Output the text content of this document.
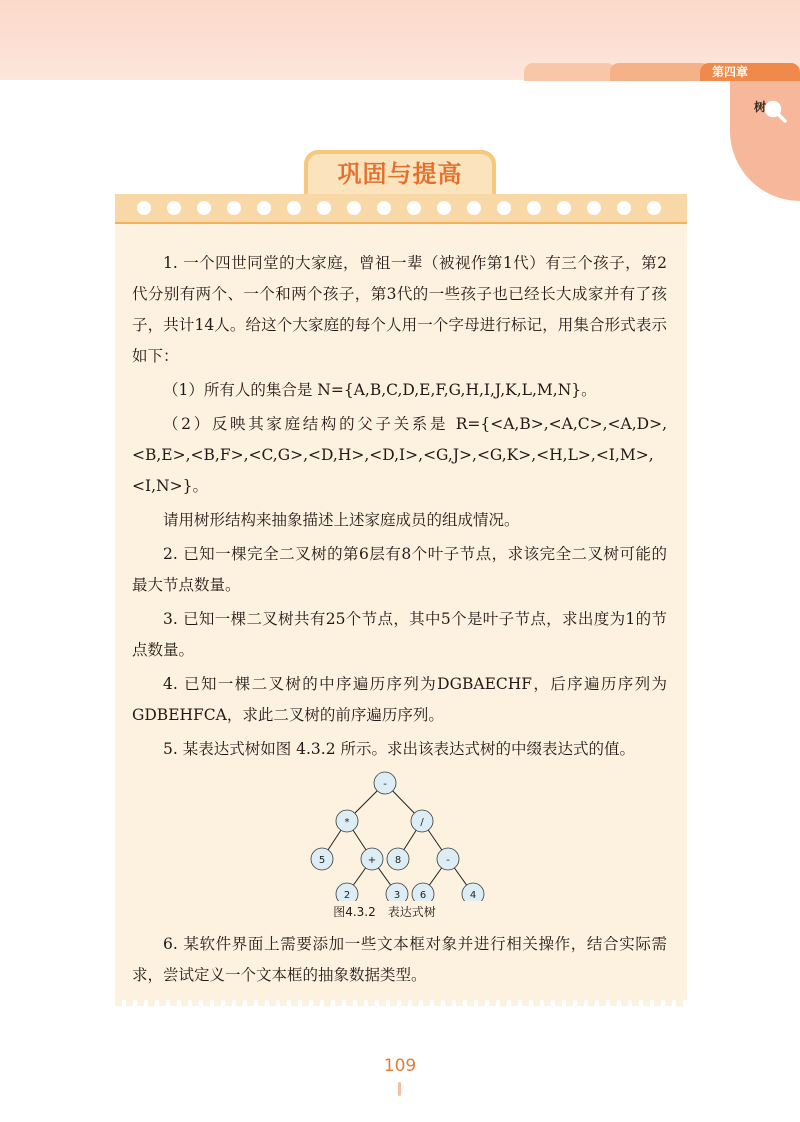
第四章
树
巩固与提高

1. 一个四世同堂的大家庭，曾祖一辈（被视作第1代）有三个孩子，第2代分别有两个、一个和两个孩子，第3代的一些孩子也已经长大成家并有了孩子，共计14人。给这个大家庭的每个人用一个字母进行标记，用集合形式表示如下：

（1）所有人的集合是 N={A,B,C,D,E,F,G,H,I,J,K,L,M,N}。

（2）反映其家庭结构的父子关系是 R={<A,B>,<A,C>,<A,D>,<B,E>,<B,F>,<C,G>,<D,H>,<D,I>,<G,J>,<G,K>,<H,L>,<I,M>,<I,N>}。

请用树形结构来抽象描述上述家庭成员的组成情况。

2. 已知一棵完全二叉树的第6层有8个叶子节点，求该完全二叉树可能的最大节点数量。

3. 已知一棵二叉树共有25个节点，其中5个是叶子节点，求出度为1的节点数量。

4. 已知一棵二叉树的中序遍历序列为DGBAECHF，后序遍历序列为GDBEHFCA，求此二叉树的前序遍历序列。

5. 某表达式树如图 4.3.2 所示。求出该表达式树的中缀表达式的值。

-
*	/
5	+ 8	-
2	3 6	4
图4.3.2　表达式树

6. 某软件界面上需要添加一些文本框对象并进行相关操作，结合实际需求，尝试定义一个文本框的抽象数据类型。

109
